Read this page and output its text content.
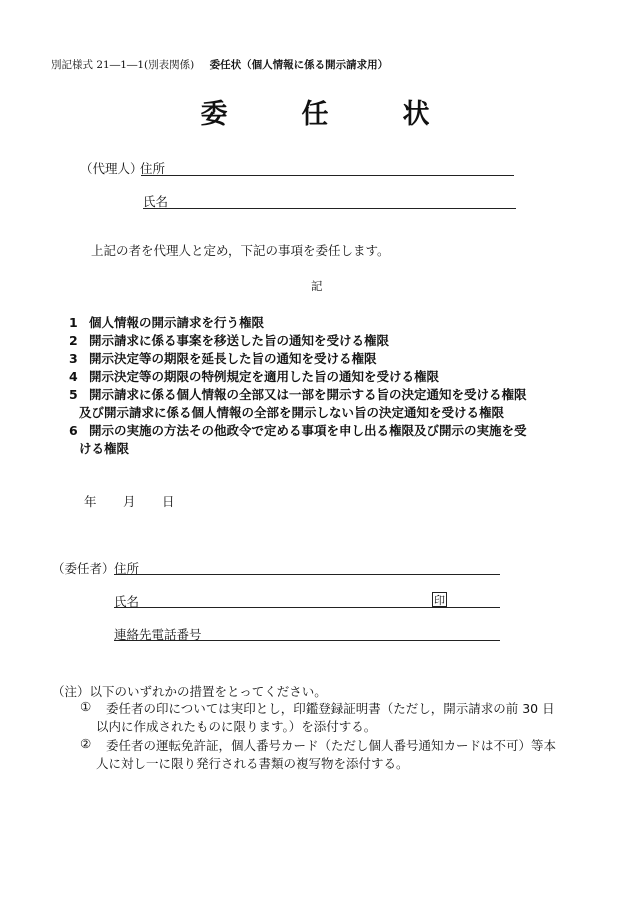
別記様式 21―1―1(別表関係) 委任状（個人情報に係る開示請求用）
委	任	状
（代理人）
住所
氏名
上記の者を代理人と定め，下記の事項を委任します。
記
1 個人情報の開示請求を行う権限
2 開示請求に係る事案を移送した旨の通知を受ける権限
3 開示決定等の期限を延長した旨の通知を受ける権限
4 開示決定等の期限の特例規定を適用した旨の通知を受ける権限
5 開示請求に係る個人情報の全部又は一部を開示する旨の決定通知を受ける権限
及び開示請求に係る個人情報の全部を開示しない旨の決定通知を受ける権限
6 開示の実施の方法その他政令で定める事項を申し出る権限及び開示の実施を受
ける権限
年 月 日
（委任者） 住所
氏名	印
連絡先電話番号
（注）以下のいずれかの措置をとってください。
① 委任者の印については実印とし，印鑑登録証明書（ただし，開示請求の前 30 日
以内に作成されたものに限ります。）を添付する。
② 委任者の運転免許証，個人番号カード（ただし個人番号通知カードは不可）等本
人に対し一に限り発行される書類の複写物を添付する。
